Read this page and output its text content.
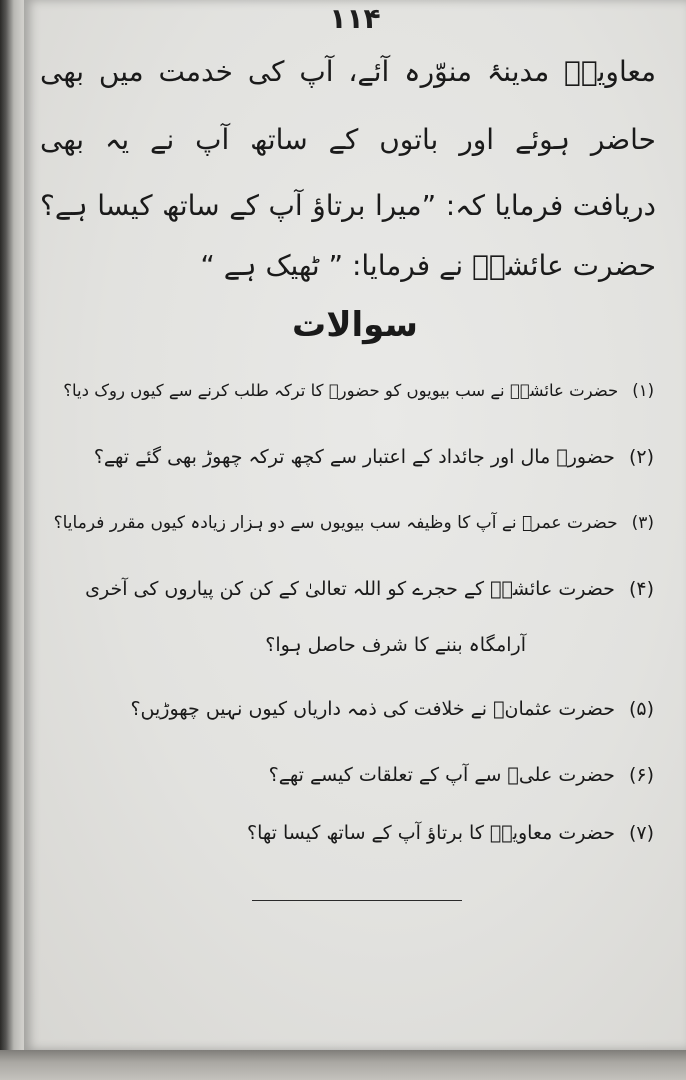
۱۱۴
معاویہؓ مدینۂ منوّرہ آئے، آپ کی خدمت میں بھی
حاضر ہوئے اور باتوں کے ساتھ آپ نے یہ بھی
دریافت فرمایا کہ: ”میرا برتاؤ آپ کے ساتھ کیسا ہے؟
حضرت عائشہؓ نے فرمایا: ” ٹھیک ہے “
سوالات
(۱)حضرت عائشہؓ نے سب بیویوں کو حضورؐ کا ترکہ طلب کرنے سے کیوں روک دیا؟
(۲)حضورؐ مال اور جائداد کے اعتبار سے کچھ ترکہ چھوڑ بھی گئے تھے؟
(۳)حضرت عمرؓ نے آپ کا وظیفہ سب بیویوں سے دو ہزار زیادہ کیوں مقرر فرمایا؟
(۴)حضرت عائشہؓ کے حجرے کو اللہ تعالیٰ کے کن کن پیاروں کی آخری
آرامگاہ بننے کا شرف حاصل ہوا؟
(۵)حضرت عثمانؓ نے خلافت کی ذمہ داریاں کیوں نہیں چھوڑیں؟
(۶)حضرت علیؓ سے آپ کے تعلقات کیسے تھے؟
(۷)حضرت معاویہؓ کا برتاؤ آپ کے ساتھ کیسا تھا؟
